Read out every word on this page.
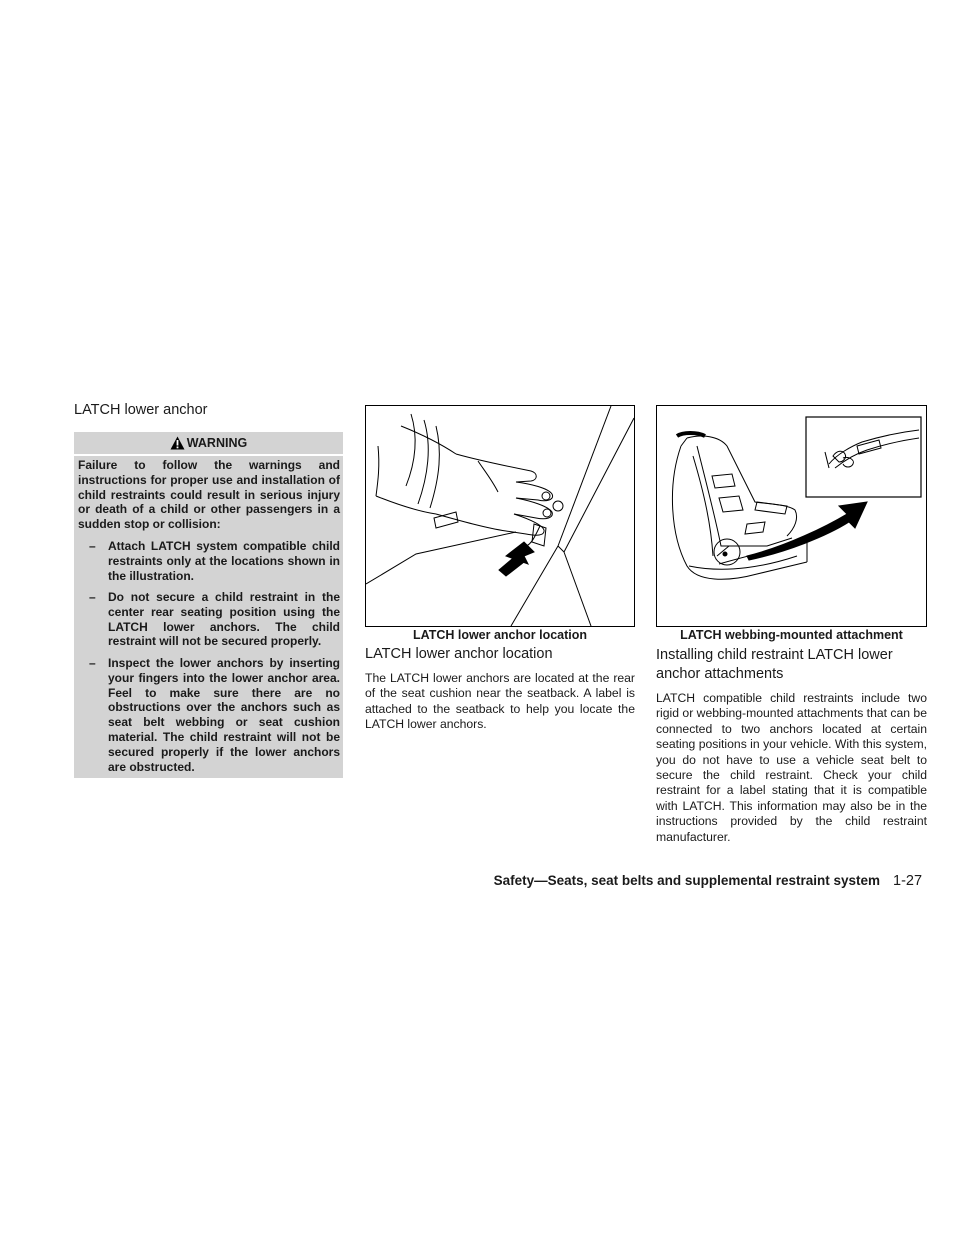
LATCH lower anchor
WARNING
Failure to follow the warnings and instructions for proper use and installation of child restraints could result in serious injury or death of a child or other passengers in a sudden stop or collision:
– Attach LATCH system compatible child restraints only at the locations shown in the illustration.
– Do not secure a child restraint in the center rear seating position using the LATCH lower anchors. The child restraint will not be secured properly.
– Inspect the lower anchors by inserting your fingers into the lower anchor area. Feel to make sure there are no obstructions over the anchors such as seat belt webbing or seat cushion material. The child restraint will not be secured properly if the lower anchors are obstructed.
LATCH lower anchor location	LATCH webbing-mounted attachment
LATCH lower anchor location
The LATCH lower anchors are located at the rear of the seat cushion near the seatback. A label is attached to the seatback to help you locate the LATCH lower anchors.
Installing child restraint LATCH lower anchor attachments
LATCH compatible child restraints include two rigid or webbing-mounted attachments that can be connected to two anchors located at certain seating positions in your vehicle. With this system, you do not have to use a vehicle seat belt to secure the child restraint. Check your child restraint for a label stating that it is compatible with LATCH. This information may also be in the instructions provided by the child restraint manufacturer.
Safety—Seats, seat belts and supplemental restraint system 1-27
